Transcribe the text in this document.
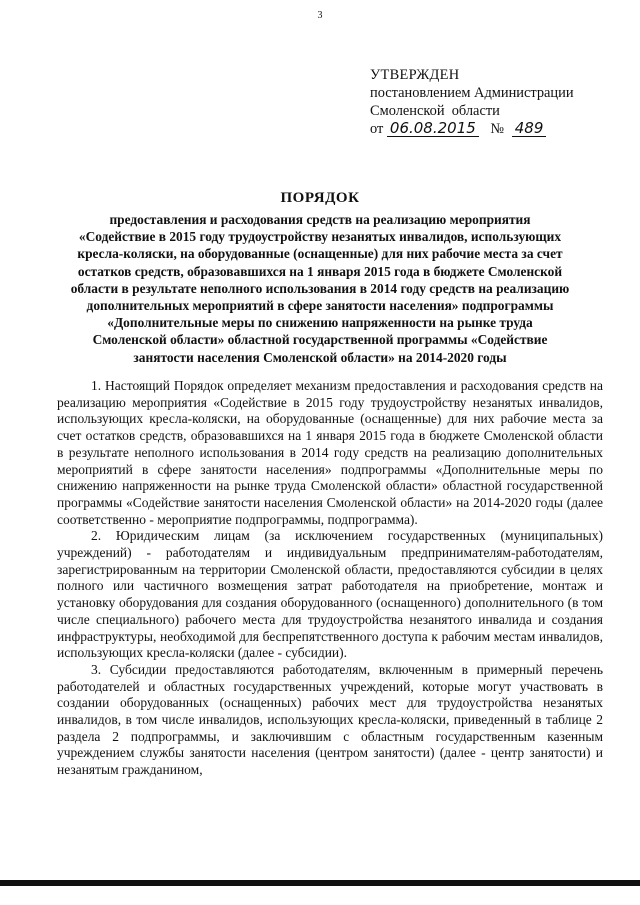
3
УТВЕРЖДЕН
постановлением Администрации
Смоленской  области
от 06.08.2015 № 489
ПОРЯДОК
предоставления и расходования средств на реализацию мероприятия «Содействие в 2015 году трудоустройству незанятых инвалидов, использующих кресла-коляски, на оборудованные (оснащенные) для них рабочие места за счет остатков средств, образовавшихся на 1 января 2015 года в бюджете Смоленской области в результате неполного использования в 2014 году средств на реализацию дополнительных мероприятий в сфере занятости населения» подпрограммы «Дополнительные меры по снижению напряженности на рынке труда Смоленской области» областной государственной программы «Содействие занятости населения Смоленской области» на 2014-2020 годы

1. Настоящий Порядок определяет механизм предоставления и расходования средств на реализацию мероприятия «Содействие в 2015 году трудоустройству незанятых инвалидов, использующих кресла-коляски, на оборудованные (оснащенные) для них рабочие места за счет остатков средств, образовавшихся на 1 января 2015 года в бюджете Смоленской области в результате неполного использования в 2014 году средств на реализацию дополнительных мероприятий в сфере занятости населения» подпрограммы «Дополнительные меры по снижению напряженности на рынке труда Смоленской области» областной государственной программы «Содействие занятости населения Смоленской области» на 2014-2020 годы (далее соответственно - мероприятие подпрограммы, подпрограмма).

2. Юридическим лицам (за исключением государственных (муниципальных) учреждений) - работодателям и индивидуальным предпринимателям-работодателям, зарегистрированным на территории Смоленской области, предоставляются субсидии в целях полного или частичного возмещения затрат работодателя на приобретение, монтаж и установку оборудования для создания оборудованного (оснащенного) дополнительного (в том числе специального) рабочего места для трудоустройства незанятого инвалида и создания инфраструктуры, необходимой для беспрепятственного доступа к рабочим местам инвалидов, использующих кресла-коляски (далее - субсидии).

3. Субсидии предоставляются работодателям, включенным в примерный перечень работодателей и областных государственных учреждений, которые могут участвовать в создании оборудованных (оснащенных) рабочих мест для трудоустройства незанятых инвалидов, в том числе инвалидов, использующих кресла-коляски, приведенный в таблице 2 раздела 2 подпрограммы, и заключившим с областным государственным казенным учреждением службы занятости населения (центром занятости) (далее - центр занятости) и незанятым гражданином,
